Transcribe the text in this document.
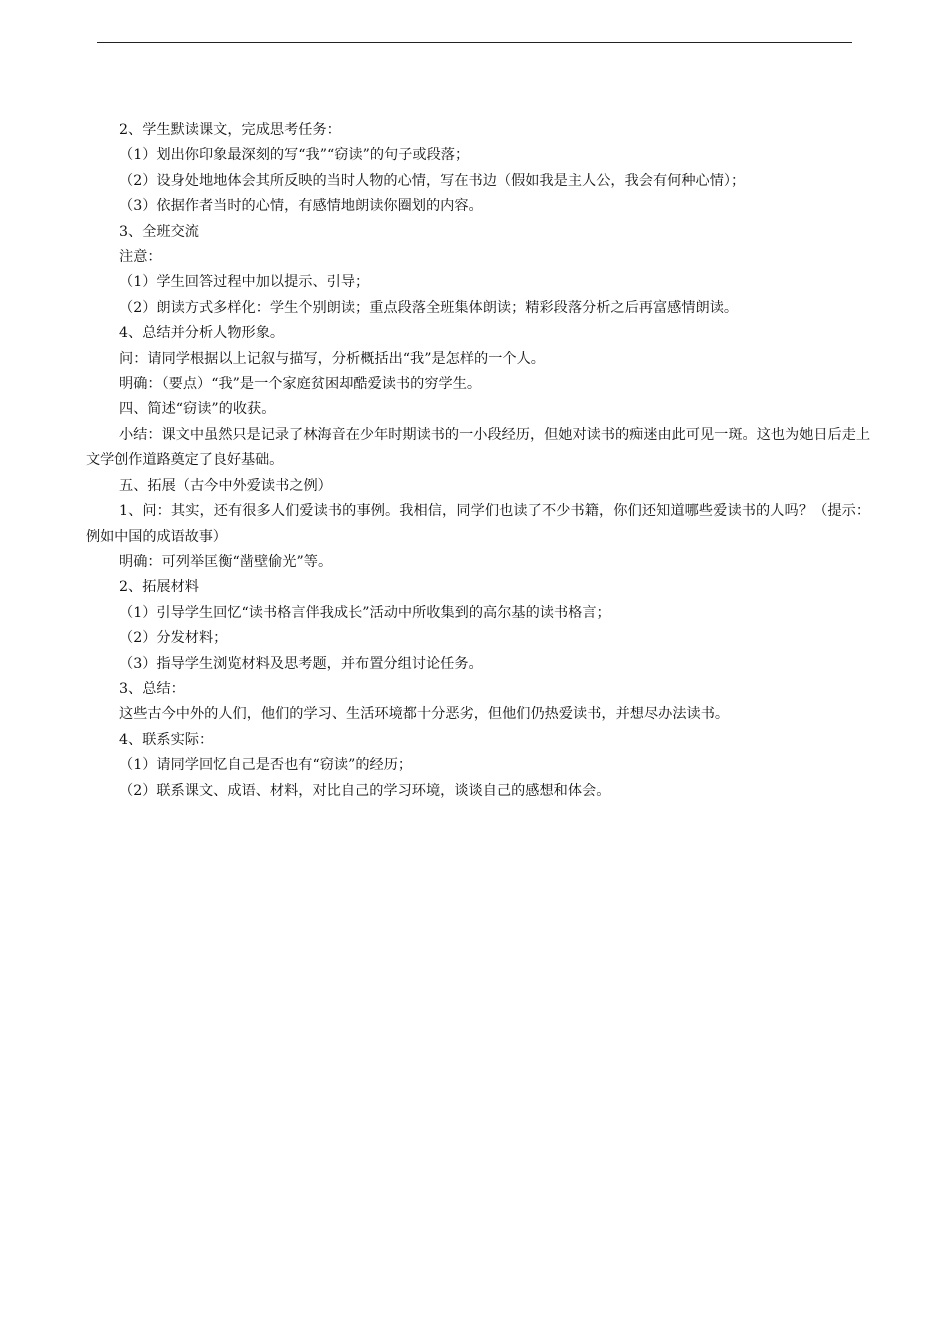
2、学生默读课文，完成思考任务：

（1）划出你印象最深刻的写“我”“窃读”的句子或段落；

（2）设身处地地体会其所反映的当时人物的心情，写在书边（假如我是主人公，我会有何种心情）；

（3）依据作者当时的心情，有感情地朗读你圈划的内容。

3、全班交流

注意：

（1）学生回答过程中加以提示、引导；

（2）朗读方式多样化：学生个别朗读；重点段落全班集体朗读；精彩段落分析之后再富感情朗读。

4、总结并分析人物形象。

问：请同学根据以上记叙与描写，分析概括出“我”是怎样的一个人。

明确：（要点）“我”是一个家庭贫困却酷爱读书的穷学生。

四、简述“窃读”的收获。

小结：课文中虽然只是记录了林海音在少年时期读书的一小段经历，但她对读书的痴迷由此可见一斑。这也为她日后走上文学创作道路奠定了良好基础。

五、拓展（古今中外爱读书之例）

1、问：其实，还有很多人们爱读书的事例。我相信，同学们也读了不少书籍，你们还知道哪些爱读书的人吗？（提示：例如中国的成语故事）

明确：可列举匡衡“凿壁偷光”等。

2、拓展材料

（1）引导学生回忆“读书格言伴我成长”活动中所收集到的高尔基的读书格言；

（2）分发材料；

（3）指导学生浏览材料及思考题，并布置分组讨论任务。

3、总结：

这些古今中外的人们，他们的学习、生活环境都十分恶劣，但他们仍热爱读书，并想尽办法读书。

4、联系实际：

（1）请同学回忆自己是否也有“窃读”的经历；

（2）联系课文、成语、材料，对比自己的学习环境，谈谈自己的感想和体会。
